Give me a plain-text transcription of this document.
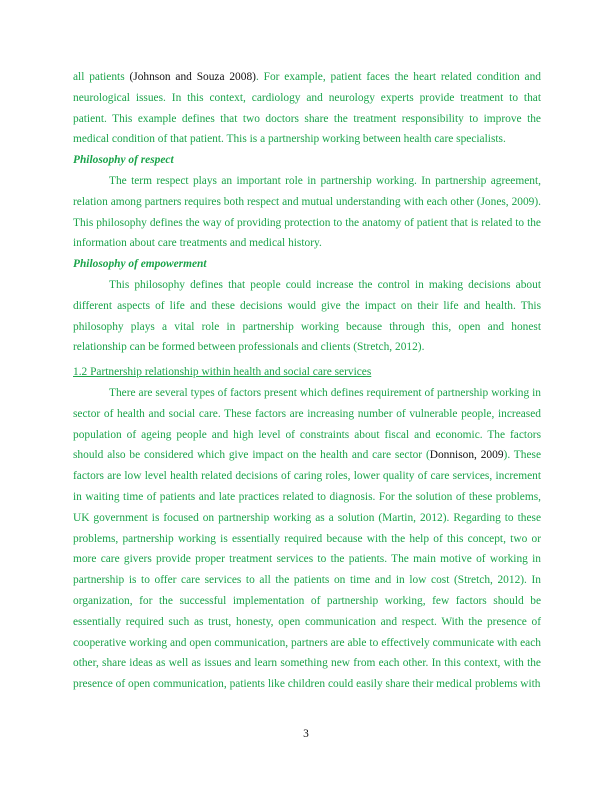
all patients (Johnson and Souza 2008). For example, patient faces the heart related condition and neurological issues. In this context, cardiology and neurology experts provide treatment to that patient. This example defines that two doctors share the treatment responsibility to improve the medical condition of that patient. This is a partnership working between health care specialists.

Philosophy of respect

The term respect plays an important role in partnership working. In partnership agreement, relation among partners requires both respect and mutual understanding with each other (Jones, 2009). This philosophy defines the way of providing protection to the anatomy of patient that is related to the information about care treatments and medical history.

Philosophy of empowerment

This philosophy defines that people could increase the control in making decisions about different aspects of life and these decisions would give the impact on their life and health. This philosophy plays a vital role in partnership working because through this, open and honest relationship can be formed between professionals and clients (Stretch, 2012).

1.2 Partnership relationship within health and social care services

There are several types of factors present which defines requirement of partnership working in sector of health and social care. These factors are increasing number of vulnerable people, increased population of ageing people and high level of constraints about fiscal and economic. The factors should also be considered which give impact on the health and care sector (Donnison, 2009). These factors are low level health related decisions of caring roles, lower quality of care services, increment in waiting time of patients and late practices related to diagnosis. For the solution of these problems, UK government is focused on partnership working as a solution (Martin, 2012). Regarding to these problems, partnership working is essentially required because with the help of this concept, two or more care givers provide proper treatment services to the patients. The main motive of working in partnership is to offer care services to all the patients on time and in low cost (Stretch, 2012). In organization, for the successful implementation of partnership working, few factors should be essentially required such as trust, honesty, open communication and respect. With the presence of cooperative working and open communication, partners are able to effectively communicate with each other, share ideas as well as issues and learn something new from each other. In this context, with the presence of open communication, patients like children could easily share their medical problems with

3
